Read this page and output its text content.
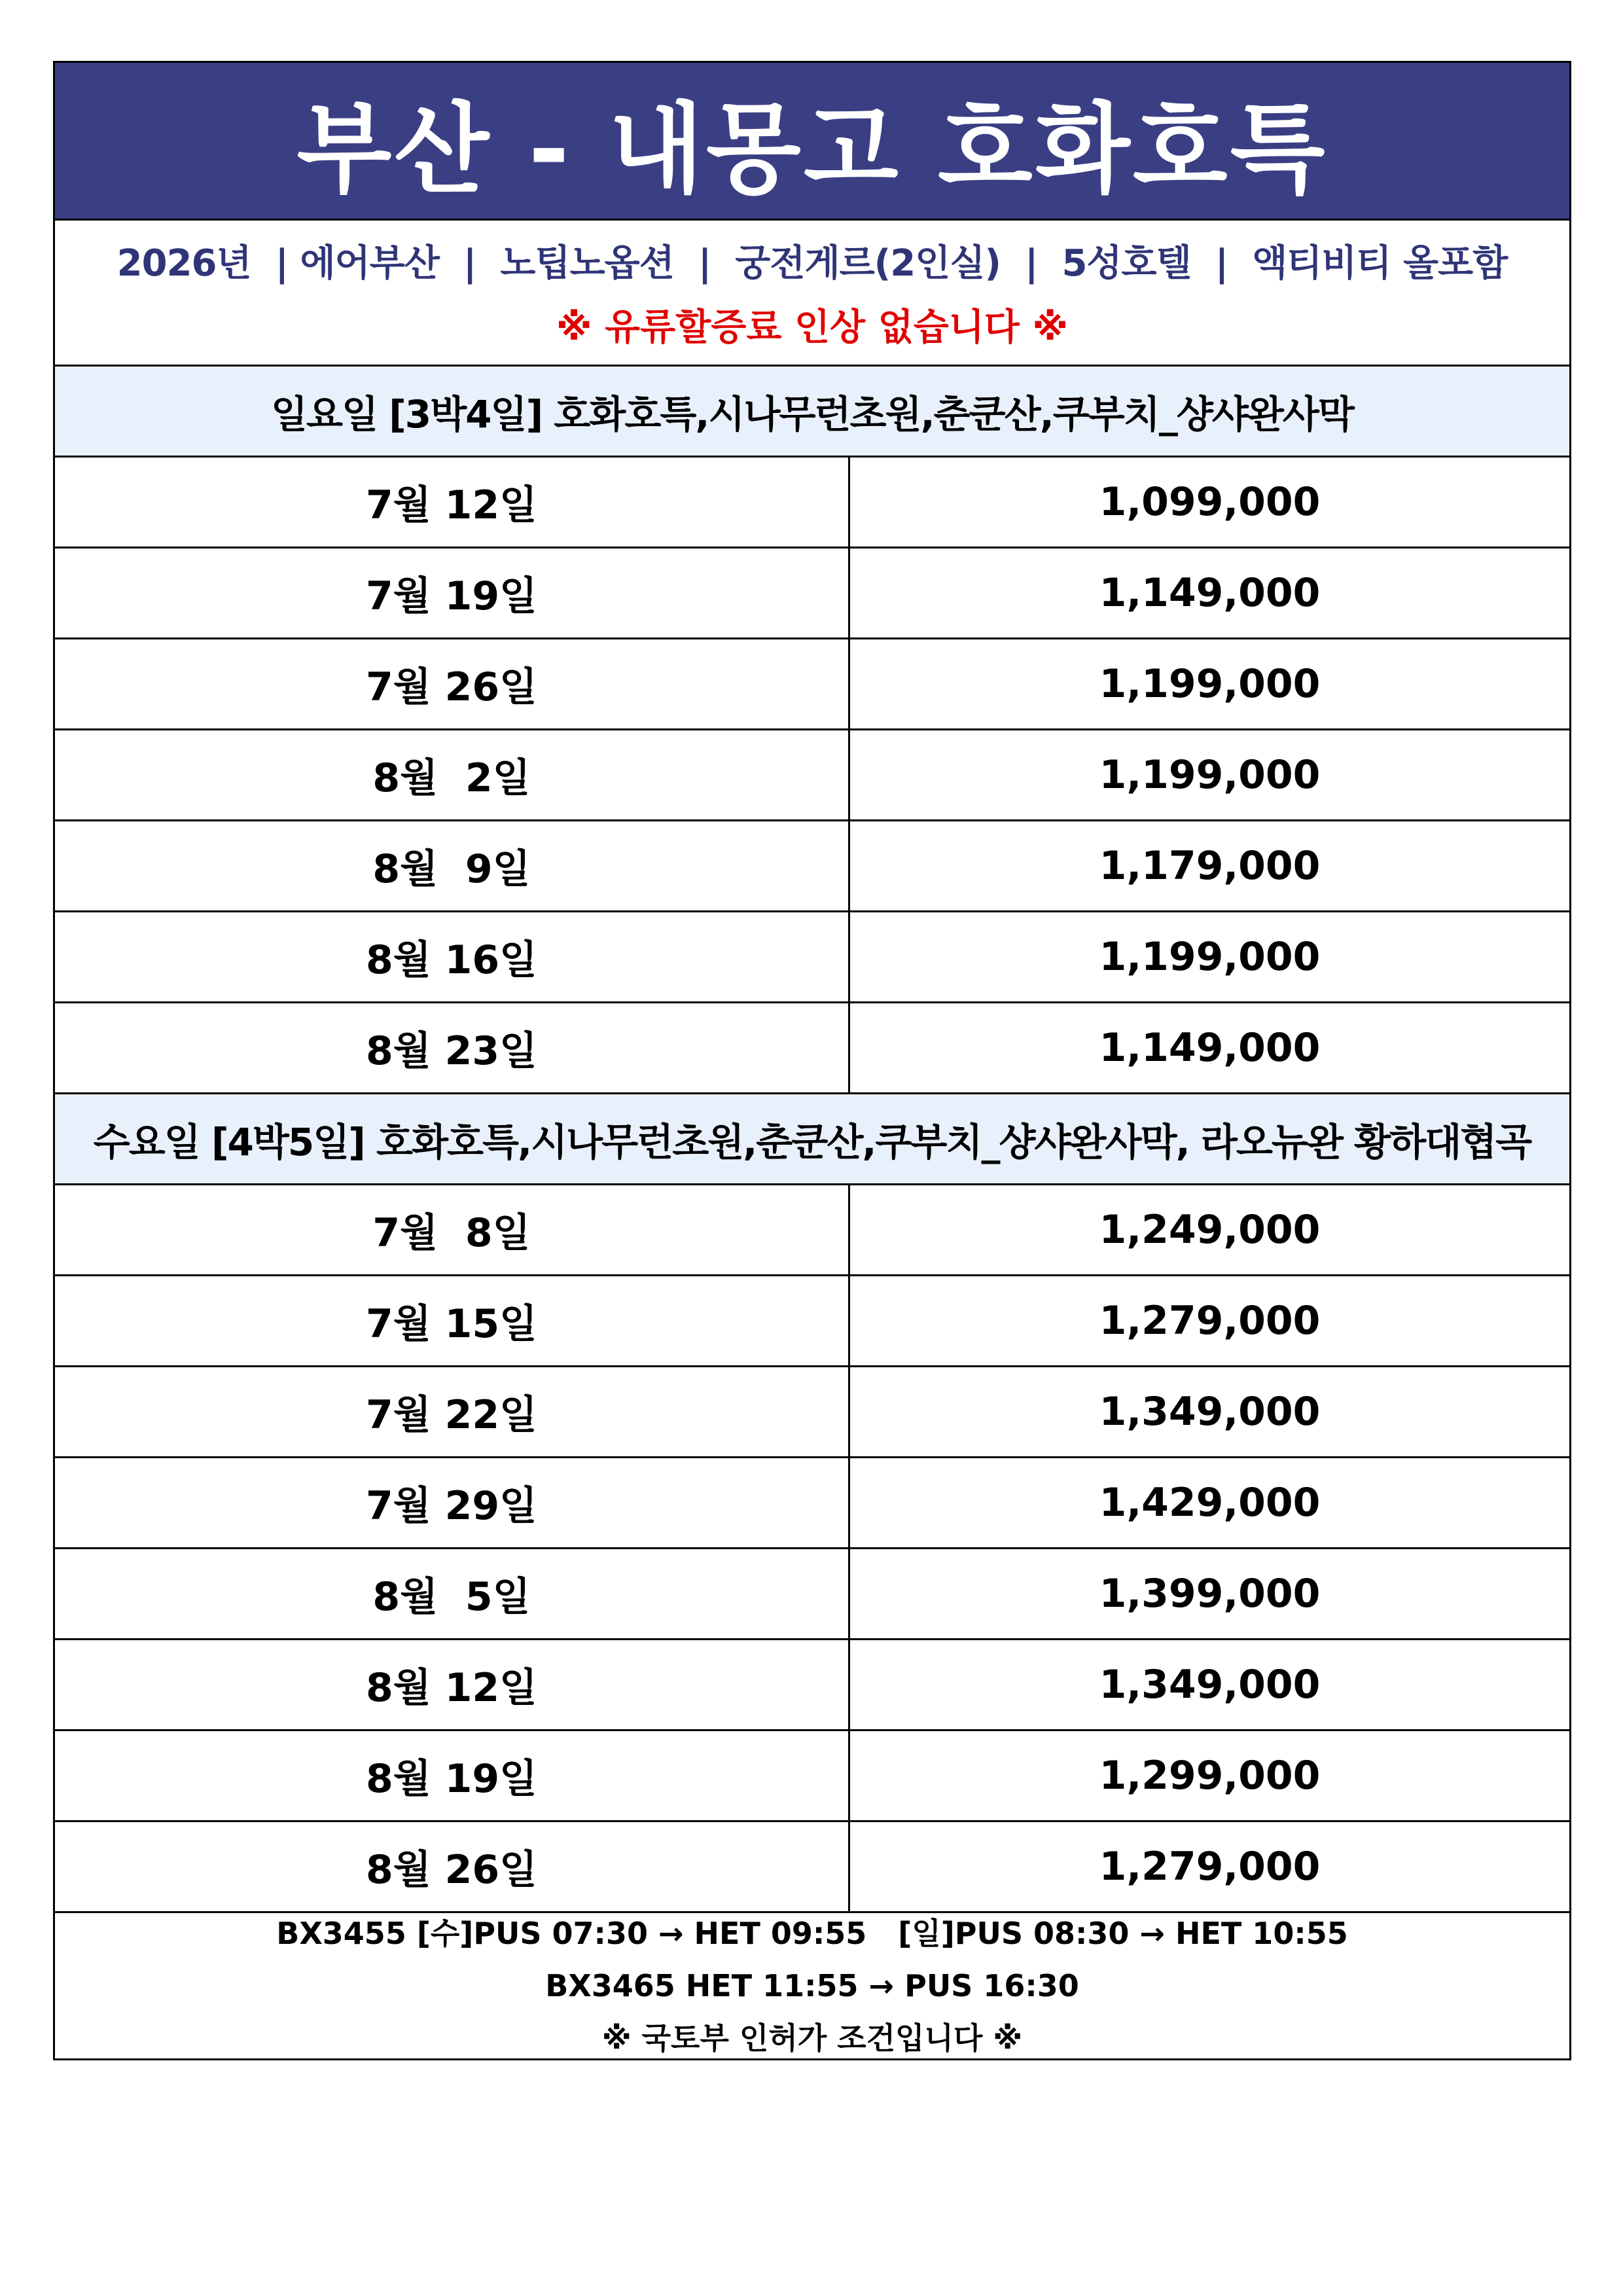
부산 - 내몽고 호화호특
2026년  | 에어부산  |  노팁노옵션  |  궁전게르(2인실)  |  5성호텔  |  액티비티 올포함
※ 유류할증료 인상 없습니다 ※
일요일 [3박4일] 호화호특,시나무런초원,춘쿤산,쿠부치_샹샤완사막
7월 12일	1,099,000
7월 19일	1,149,000
7월 26일	1,199,000
8월  2일	1,199,000
8월  9일	1,179,000
8월 16일	1,199,000
8월 23일	1,149,000
수요일 [4박5일] 호화호특,시나무런초원,춘쿤산,쿠부치_샹샤완사막, 라오뉴완 황하대협곡
7월  8일	1,249,000
7월 15일	1,279,000
7월 22일	1,349,000
7월 29일	1,429,000
8월  5일	1,399,000
8월 12일	1,349,000
8월 19일	1,299,000
8월 26일	1,279,000
BX3455 [수]PUS 07:30 → HET 09:55   [일]PUS 08:30 → HET 10:55
BX3465 HET 11:55 → PUS 16:30
※ 국토부 인허가 조건입니다 ※
